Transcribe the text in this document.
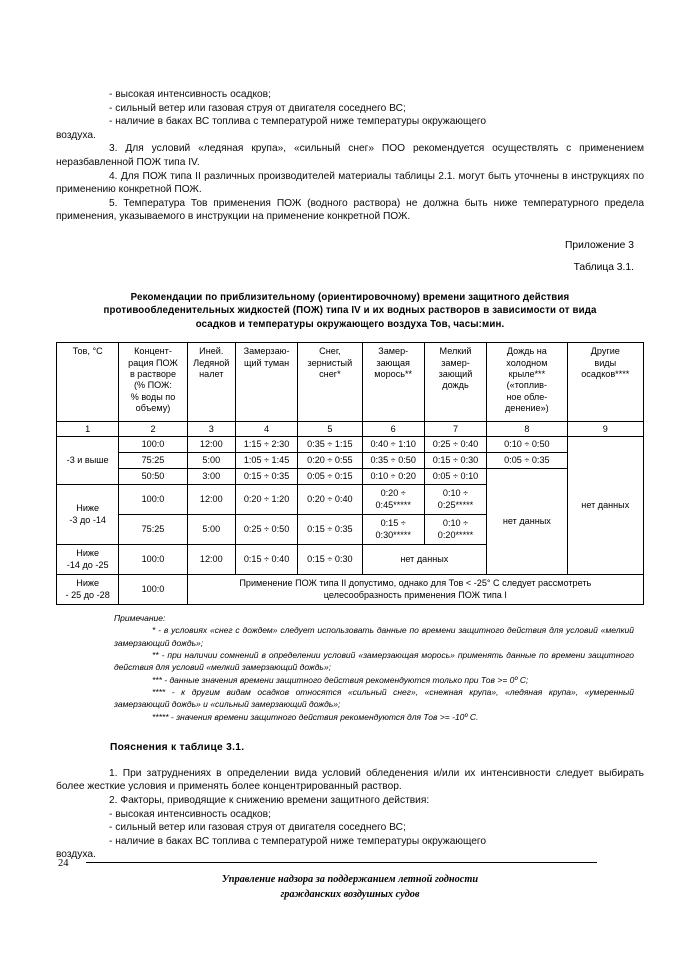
- высокая интенсивность осадков;

- сильный ветер или газовая струя от двигателя соседнего ВС;

- наличие в баках ВС топлива с температурой ниже температуры окружающего

воздуха.

3. Для условий «ледяная крупа», «сильный снег» ПОО рекомендуется осуществлять с применением неразбавленной ПОЖ типа IV.

4. Для ПОЖ типа II различных производителей материалы таблицы 2.1. могут быть уточнены в инструкциях по применению конкретной ПОЖ.

5. Температура Тов применения ПОЖ (водного раствора) не должна быть ниже температурного предела применения, указываемого в инструкции на применение конкретной ПОЖ.

Приложение 3

Таблица 3.1.

Рекомендации по приблизительному (ориентировочному) времени защитного действия противообледенительных жидкостей (ПОЖ) типа IV и их водных растворов в зависимости от вида осадков и температуры окружающего воздуха Тов, часы:мин.

Тов, °С	Концент-
рация ПОЖ
в растворе
(% ПОЖ:
% воды по
объему)	Иней.
Ледяной
налет	Замерзаю-
щий туман	Снег,
зернистый
снег*	Замер-
зающая
морось**	Мелкий
замер-
зающий
дождь	Дождь на
холодном
крыле***
(«топлив-
ное обле-
денение»)	Другие
виды
осадков****
1	2	3	4	5	6	7	8	9
-3 и выше	100:0	12:00	1:15 ÷ 2:30	0:35 ÷ 1:15	0:40 ÷ 1:10	0:25 ÷ 0:40	0:10 ÷ 0:50	нет данных
	75:25	5:00	1:05 ÷ 1:45	0:20 ÷ 0:55	0:35 ÷ 0:50	0:15 ÷ 0:30	0:05 ÷ 0:35	
	50:50	3:00	0:15 ÷ 0:35	0:05 ÷ 0:15	0:10 ÷ 0:20	0:05 ÷ 0:10	нет данных	
Ниже
-3 до -14	100:0	12:00	0:20 ÷ 1:20	0:20 ÷ 0:40	0:20 ÷
0:45*****	0:10 ÷
0:25*****		
	75:25	5:00	0:25 ÷ 0:50	0:15 ÷ 0:35	0:15 ÷
0:30*****	0:10 ÷
0:20*****		
Ниже
-14 до -25	100:0	12:00	0:15 ÷ 0:40	0:15 ÷ 0:30	нет данных			
Ниже
- 25 до -28	100:0	Применение ПОЖ типа II допустимо, однако для Тов < -25° С следует рассмотреть
целесообразность применения ПОЖ типа I						

Примечание:

* - в условиях «снег с дождем» следует использовать данные по времени защитного действия для условий «мелкий замерзающий дождь»;

** - при наличии сомнений в определении условий «замерзающая морось» применять данные по времени защитного действия для условий «мелкий замерзающий дождь»;

*** - данные значения времени защитного действия рекомендуются только при Тов >= 0º С;

**** - к другим видам осадков относятся «сильный снег», «снежная крупа», «ледяная крупа», «умеренный замерзающий дождь» и «сильный замерзающий дождь»;

***** - значения времени защитного действия рекомендуются для Тов >= -10º С.

Пояснения к таблице 3.1.

1. При затруднениях в определении вида условий обледенения и/или их интенсивности следует выбирать более жесткие условия и применять более концентрированный раствор.

2. Факторы, приводящие к снижению времени защитного действия:

- высокая интенсивность осадков;

- сильный ветер или газовая струя от двигателя соседнего ВС;

- наличие в баках ВС топлива с температурой ниже температуры окружающего

воздуха.

24
Управление надзора за поддержанием летной годности
гражданских воздушных судов
